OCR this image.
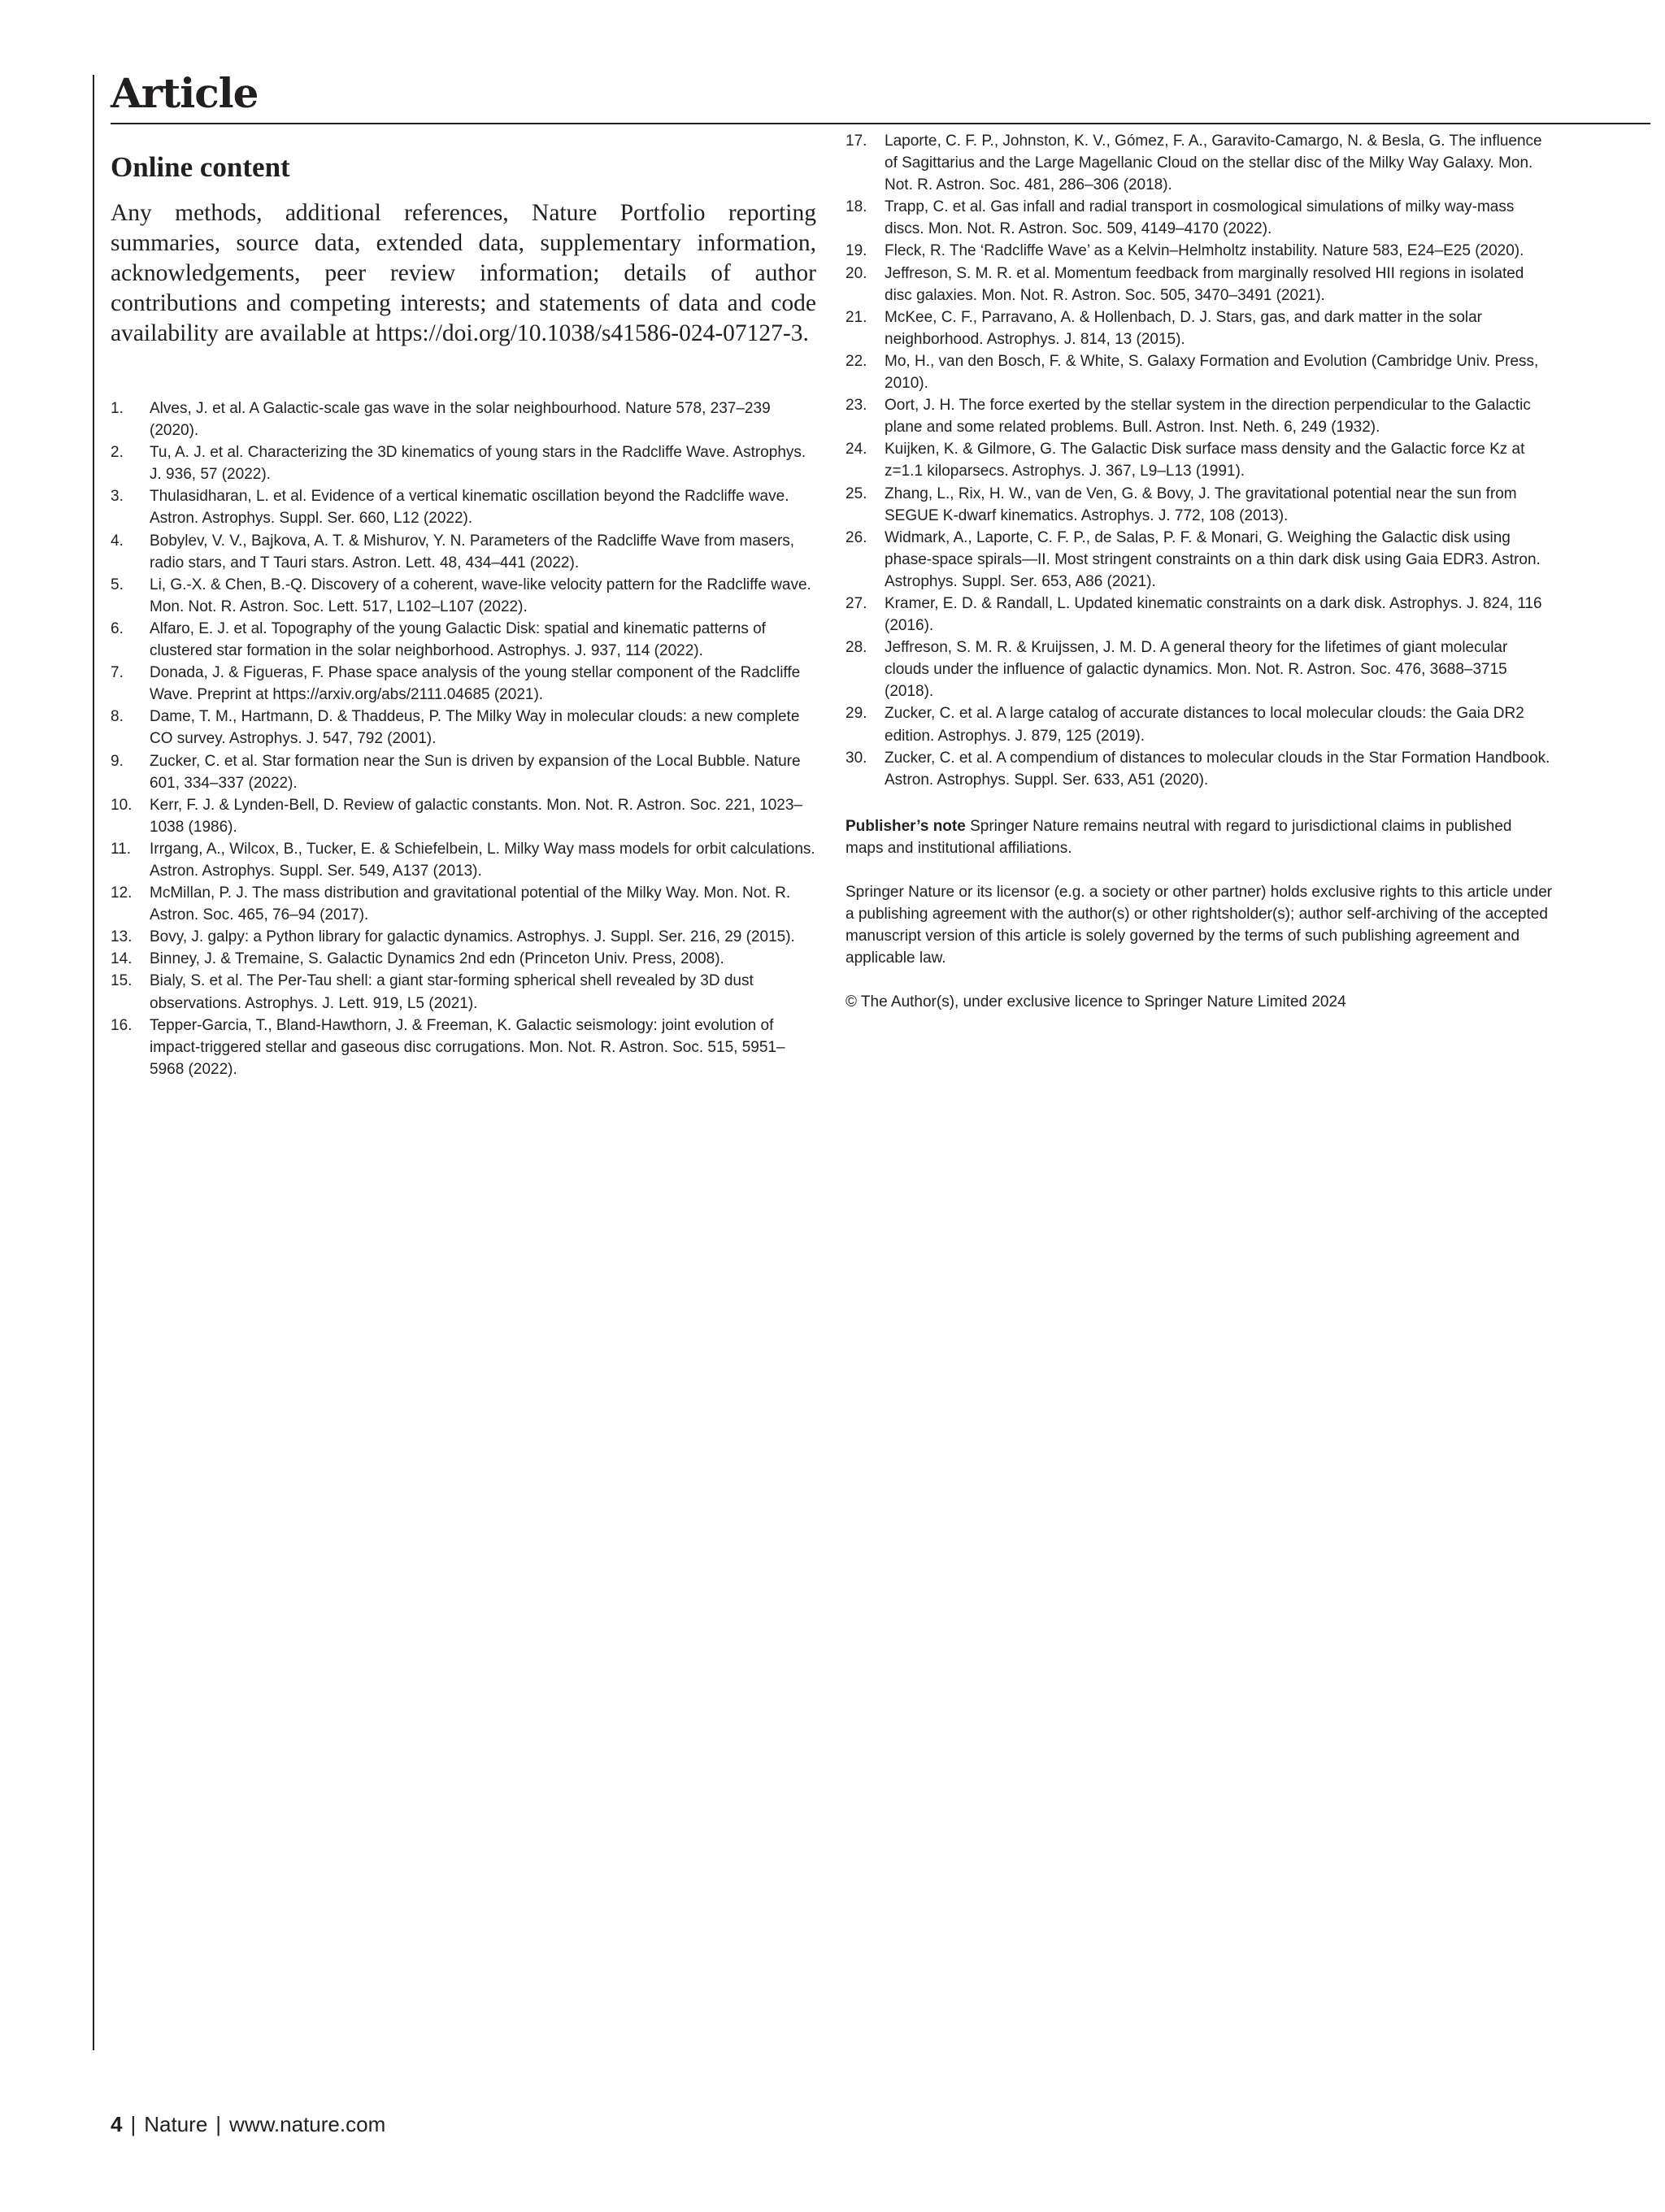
Article
Online content

Any methods, additional references, Nature Portfolio reporting summaries, source data, extended data, supplementary information, acknowledgements, peer review information; details of author contributions and competing interests; and statements of data and code availability are available at https://doi.org/10.1038/s41586-024-07127-3.

1. Alves, J. et al. A Galactic-scale gas wave in the solar neighbourhood. Nature 578, 237–239 (2020).
2. Tu, A. J. et al. Characterizing the 3D kinematics of young stars in the Radcliffe Wave. Astrophys. J. 936, 57 (2022).
3. Thulasidharan, L. et al. Evidence of a vertical kinematic oscillation beyond the Radcliffe wave. Astron. Astrophys. Suppl. Ser. 660, L12 (2022).
4. Bobylev, V. V., Bajkova, A. T. & Mishurov, Y. N. Parameters of the Radcliffe Wave from masers, radio stars, and T Tauri stars. Astron. Lett. 48, 434–441 (2022).
5. Li, G.-X. & Chen, B.-Q. Discovery of a coherent, wave-like velocity pattern for the Radcliffe wave. Mon. Not. R. Astron. Soc. Lett. 517, L102–L107 (2022).
6. Alfaro, E. J. et al. Topography of the young Galactic Disk: spatial and kinematic patterns of clustered star formation in the solar neighborhood. Astrophys. J. 937, 114 (2022).
7. Donada, J. & Figueras, F. Phase space analysis of the young stellar component of the Radcliffe Wave. Preprint at https://arxiv.org/abs/2111.04685 (2021).
8. Dame, T. M., Hartmann, D. & Thaddeus, P. The Milky Way in molecular clouds: a new complete CO survey. Astrophys. J. 547, 792 (2001).
9. Zucker, C. et al. Star formation near the Sun is driven by expansion of the Local Bubble. Nature 601, 334–337 (2022).
10. Kerr, F. J. & Lynden-Bell, D. Review of galactic constants. Mon. Not. R. Astron. Soc. 221, 1023–1038 (1986).
11. Irrgang, A., Wilcox, B., Tucker, E. & Schiefelbein, L. Milky Way mass models for orbit calculations. Astron. Astrophys. Suppl. Ser. 549, A137 (2013).
12. McMillan, P. J. The mass distribution and gravitational potential of the Milky Way. Mon. Not. R. Astron. Soc. 465, 76–94 (2017).
13. Bovy, J. galpy: a Python library for galactic dynamics. Astrophys. J. Suppl. Ser. 216, 29 (2015).
14. Binney, J. & Tremaine, S. Galactic Dynamics 2nd edn (Princeton Univ. Press, 2008).
15. Bialy, S. et al. The Per-Tau shell: a giant star-forming spherical shell revealed by 3D dust observations. Astrophys. J. Lett. 919, L5 (2021).
16. Tepper-Garcia, T., Bland-Hawthorn, J. & Freeman, K. Galactic seismology: joint evolution of impact-triggered stellar and gaseous disc corrugations. Mon. Not. R. Astron. Soc. 515, 5951–5968 (2022).
17. Laporte, C. F. P., Johnston, K. V., Gómez, F. A., Garavito-Camargo, N. & Besla, G. The influence of Sagittarius and the Large Magellanic Cloud on the stellar disc of the Milky Way Galaxy. Mon. Not. R. Astron. Soc. 481, 286–306 (2018).
18. Trapp, C. et al. Gas infall and radial transport in cosmological simulations of milky way-mass discs. Mon. Not. R. Astron. Soc. 509, 4149–4170 (2022).
19. Fleck, R. The ‘Radcliffe Wave’ as a Kelvin–Helmholtz instability. Nature 583, E24–E25 (2020).
20. Jeffreson, S. M. R. et al. Momentum feedback from marginally resolved HII regions in isolated disc galaxies. Mon. Not. R. Astron. Soc. 505, 3470–3491 (2021).
21. McKee, C. F., Parravano, A. & Hollenbach, D. J. Stars, gas, and dark matter in the solar neighborhood. Astrophys. J. 814, 13 (2015).
22. Mo, H., van den Bosch, F. & White, S. Galaxy Formation and Evolution (Cambridge Univ. Press, 2010).
23. Oort, J. H. The force exerted by the stellar system in the direction perpendicular to the Galactic plane and some related problems. Bull. Astron. Inst. Neth. 6, 249 (1932).
24. Kuijken, K. & Gilmore, G. The Galactic Disk surface mass density and the Galactic force Kz at z=1.1 kiloparsecs. Astrophys. J. 367, L9–L13 (1991).
25. Zhang, L., Rix, H. W., van de Ven, G. & Bovy, J. The gravitational potential near the sun from SEGUE K-dwarf kinematics. Astrophys. J. 772, 108 (2013).
26. Widmark, A., Laporte, C. F. P., de Salas, P. F. & Monari, G. Weighing the Galactic disk using phase-space spirals—II. Most stringent constraints on a thin dark disk using Gaia EDR3. Astron. Astrophys. Suppl. Ser. 653, A86 (2021).
27. Kramer, E. D. & Randall, L. Updated kinematic constraints on a dark disk. Astrophys. J. 824, 116 (2016).
28. Jeffreson, S. M. R. & Kruijssen, J. M. D. A general theory for the lifetimes of giant molecular clouds under the influence of galactic dynamics. Mon. Not. R. Astron. Soc. 476, 3688–3715 (2018).
29. Zucker, C. et al. A large catalog of accurate distances to local molecular clouds: the Gaia DR2 edition. Astrophys. J. 879, 125 (2019).
30. Zucker, C. et al. A compendium of distances to molecular clouds in the Star Formation Handbook. Astron. Astrophys. Suppl. Ser. 633, A51 (2020).

Publisher’s note Springer Nature remains neutral with regard to jurisdictional claims in published maps and institutional affiliations.

Springer Nature or its licensor (e.g. a society or other partner) holds exclusive rights to this article under a publishing agreement with the author(s) or other rightsholder(s); author self-archiving of the accepted manuscript version of this article is solely governed by the terms of such publishing agreement and applicable law.

© The Author(s), under exclusive licence to Springer Nature Limited 2024

4 | Nature | www.nature.com
